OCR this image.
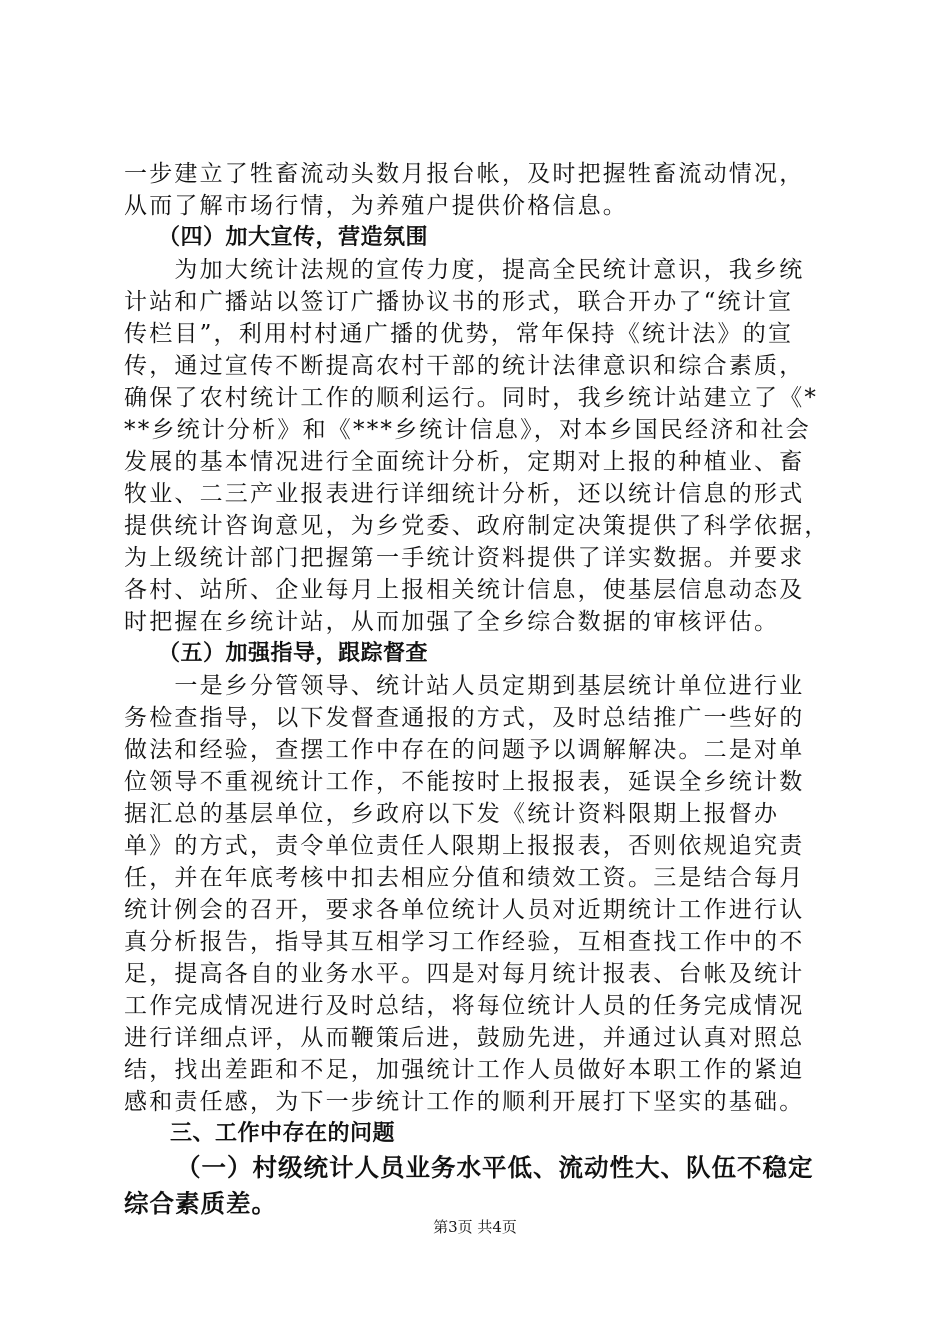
一步建立了牲畜流动头数月报台帐，及时把握牲畜流动情况，
从而了解市场行情，为养殖户提供价格信息。
（四）加大宣传，营造氛围
　　为加大统计法规的宣传力度，提高全民统计意识，我乡统
计站和广播站以签订广播协议书的形式，联合开办了“统计宣
传栏目”，利用村村通广播的优势，常年保持《统计法》的宣
传，通过宣传不断提高农村干部的统计法律意识和综合素质，
确保了农村统计工作的顺利运行。同时，我乡统计站建立了《*
**乡统计分析》和《***乡统计信息》，对本乡国民经济和社会
发展的基本情况进行全面统计分析，定期对上报的种植业、畜
牧业、二三产业报表进行详细统计分析，还以统计信息的形式
提供统计咨询意见，为乡党委、政府制定决策提供了科学依据，
为上级统计部门把握第一手统计资料提供了详实数据。并要求
各村、站所、企业每月上报相关统计信息，使基层信息动态及
时把握在乡统计站，从而加强了全乡综合数据的审核评估。
（五）加强指导，跟踪督查
　　一是乡分管领导、统计站人员定期到基层统计单位进行业
务检查指导，以下发督查通报的方式，及时总结推广一些好的
做法和经验，查摆工作中存在的问题予以调解解决。二是对单
位领导不重视统计工作，不能按时上报报表，延误全乡统计数
据汇总的基层单位，乡政府以下发《统计资料限期上报督办
单》的方式，责令单位责任人限期上报报表，否则依规追究责
任，并在年底考核中扣去相应分值和绩效工资。三是结合每月
统计例会的召开，要求各单位统计人员对近期统计工作进行认
真分析报告，指导其互相学习工作经验，互相查找工作中的不
足，提高各自的业务水平。四是对每月统计报表、台帐及统计
工作完成情况进行及时总结，将每位统计人员的任务完成情况
进行详细点评，从而鞭策后进，鼓励先进，并通过认真对照总
结，找出差距和不足，加强统计工作人员做好本职工作的紧迫
感和责任感，为下一步统计工作的顺利开展打下坚实的基础。
三、工作中存在的问题
（一）村级统计人员业务水平低、流动性大、队伍不稳定
综合素质差。
第3页 共4页
